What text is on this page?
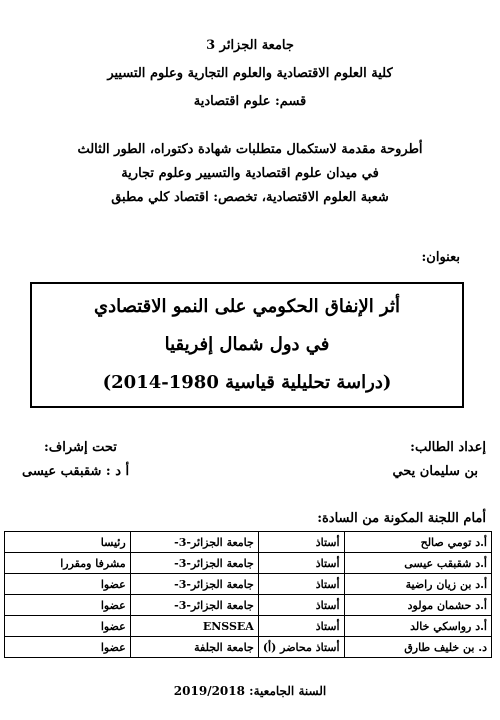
جامعة الجزائر 3
كلية العلوم الاقتصادية والعلوم التجارية وعلوم التسيير
قسم: علوم اقتصادية
أطروحة مقدمة لاستكمال متطلبات شهادة دكتوراه، الطور الثالث
في ميدان علوم اقتصادية والتسيير وعلوم تجارية
شعبة العلوم الاقتصادية، تخصص: اقتصاد كلي مطبق
بعنوان:
أثر الإنفاق الحكومي على النمو الاقتصادي
في دول شمال إفريقيا
(دراسة تحليلية قياسية 1980-2014)
إعداد الطالب:
بن سليمان يحي
تحت إشراف:
أ د : شقبقب عيسى
أمام اللجنة المكونة من السادة:
أ.د تومي صالح	أستاذ	جامعة الجزائر-3-	رئيسا
أ.د شقبقب عيسى	أستاذ	جامعة الجزائر-3-	مشرفا ومقررا
أ.د بن زيان راضية	أستاذ	جامعة الجزائر-3-	عضوا
أ.د حشمان مولود	أستاذ	جامعة الجزائر-3-	عضوا
أ.د رواسكي خالد	أستاذ	ENSSEA	عضوا
د. بن خليف طارق	أستاذ محاضر (أ)	جامعة الجلفة	عضوا
السنة الجامعية: 2019/2018
